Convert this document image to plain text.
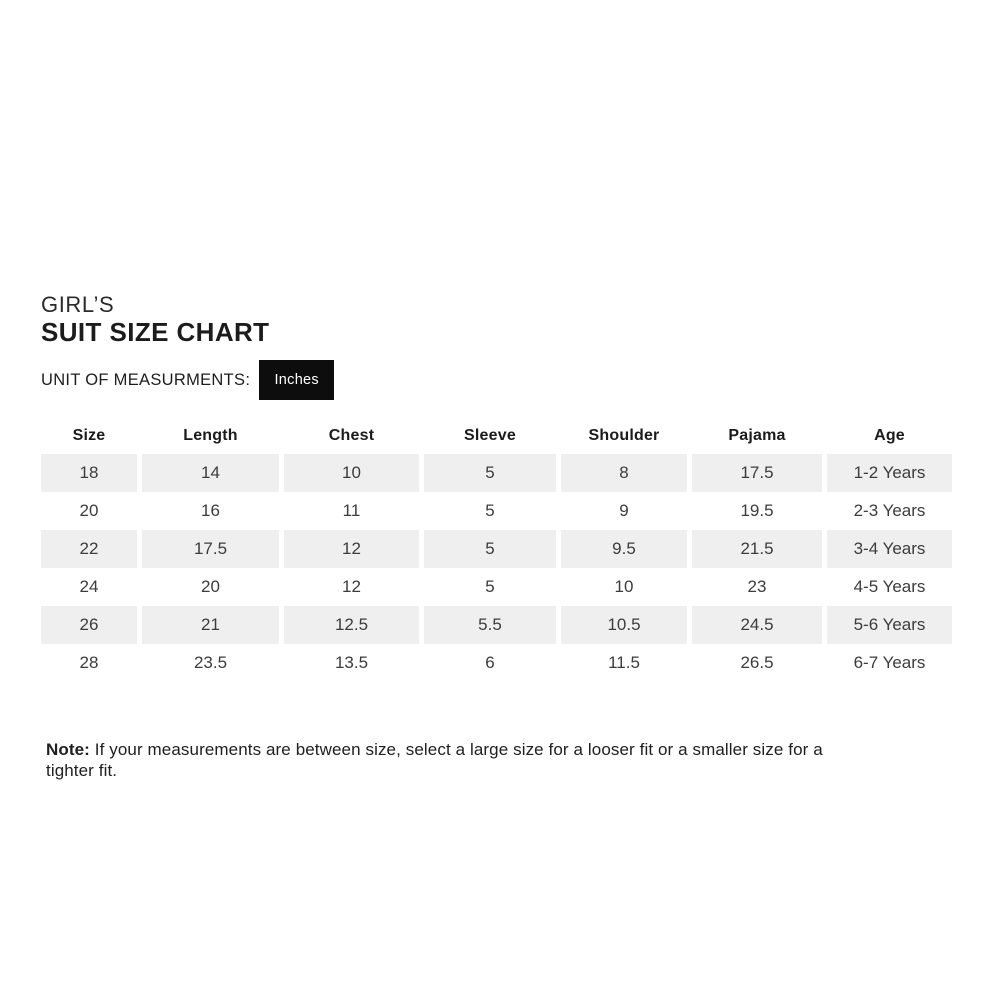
GIRL’S
SUIT SIZE CHART
UNIT OF MEASURMENTS:	Inches
Size	Length	Chest	Sleeve	Shoulder	Pajama	Age
18	14	10	5	8	17.5	1-2 Years
20	16	11	5	9	19.5	2-3 Years
22	17.5	12	5	9.5	21.5	3-4 Years
24	20	12	5	10	23	4-5 Years
26	21	12.5	5.5	10.5	24.5	5-6 Years
28	23.5	13.5	6	11.5	26.5	6-7 Years

Note: If your measurements are between size, select a large size for a looser fit or a smaller size for a tighter fit.
